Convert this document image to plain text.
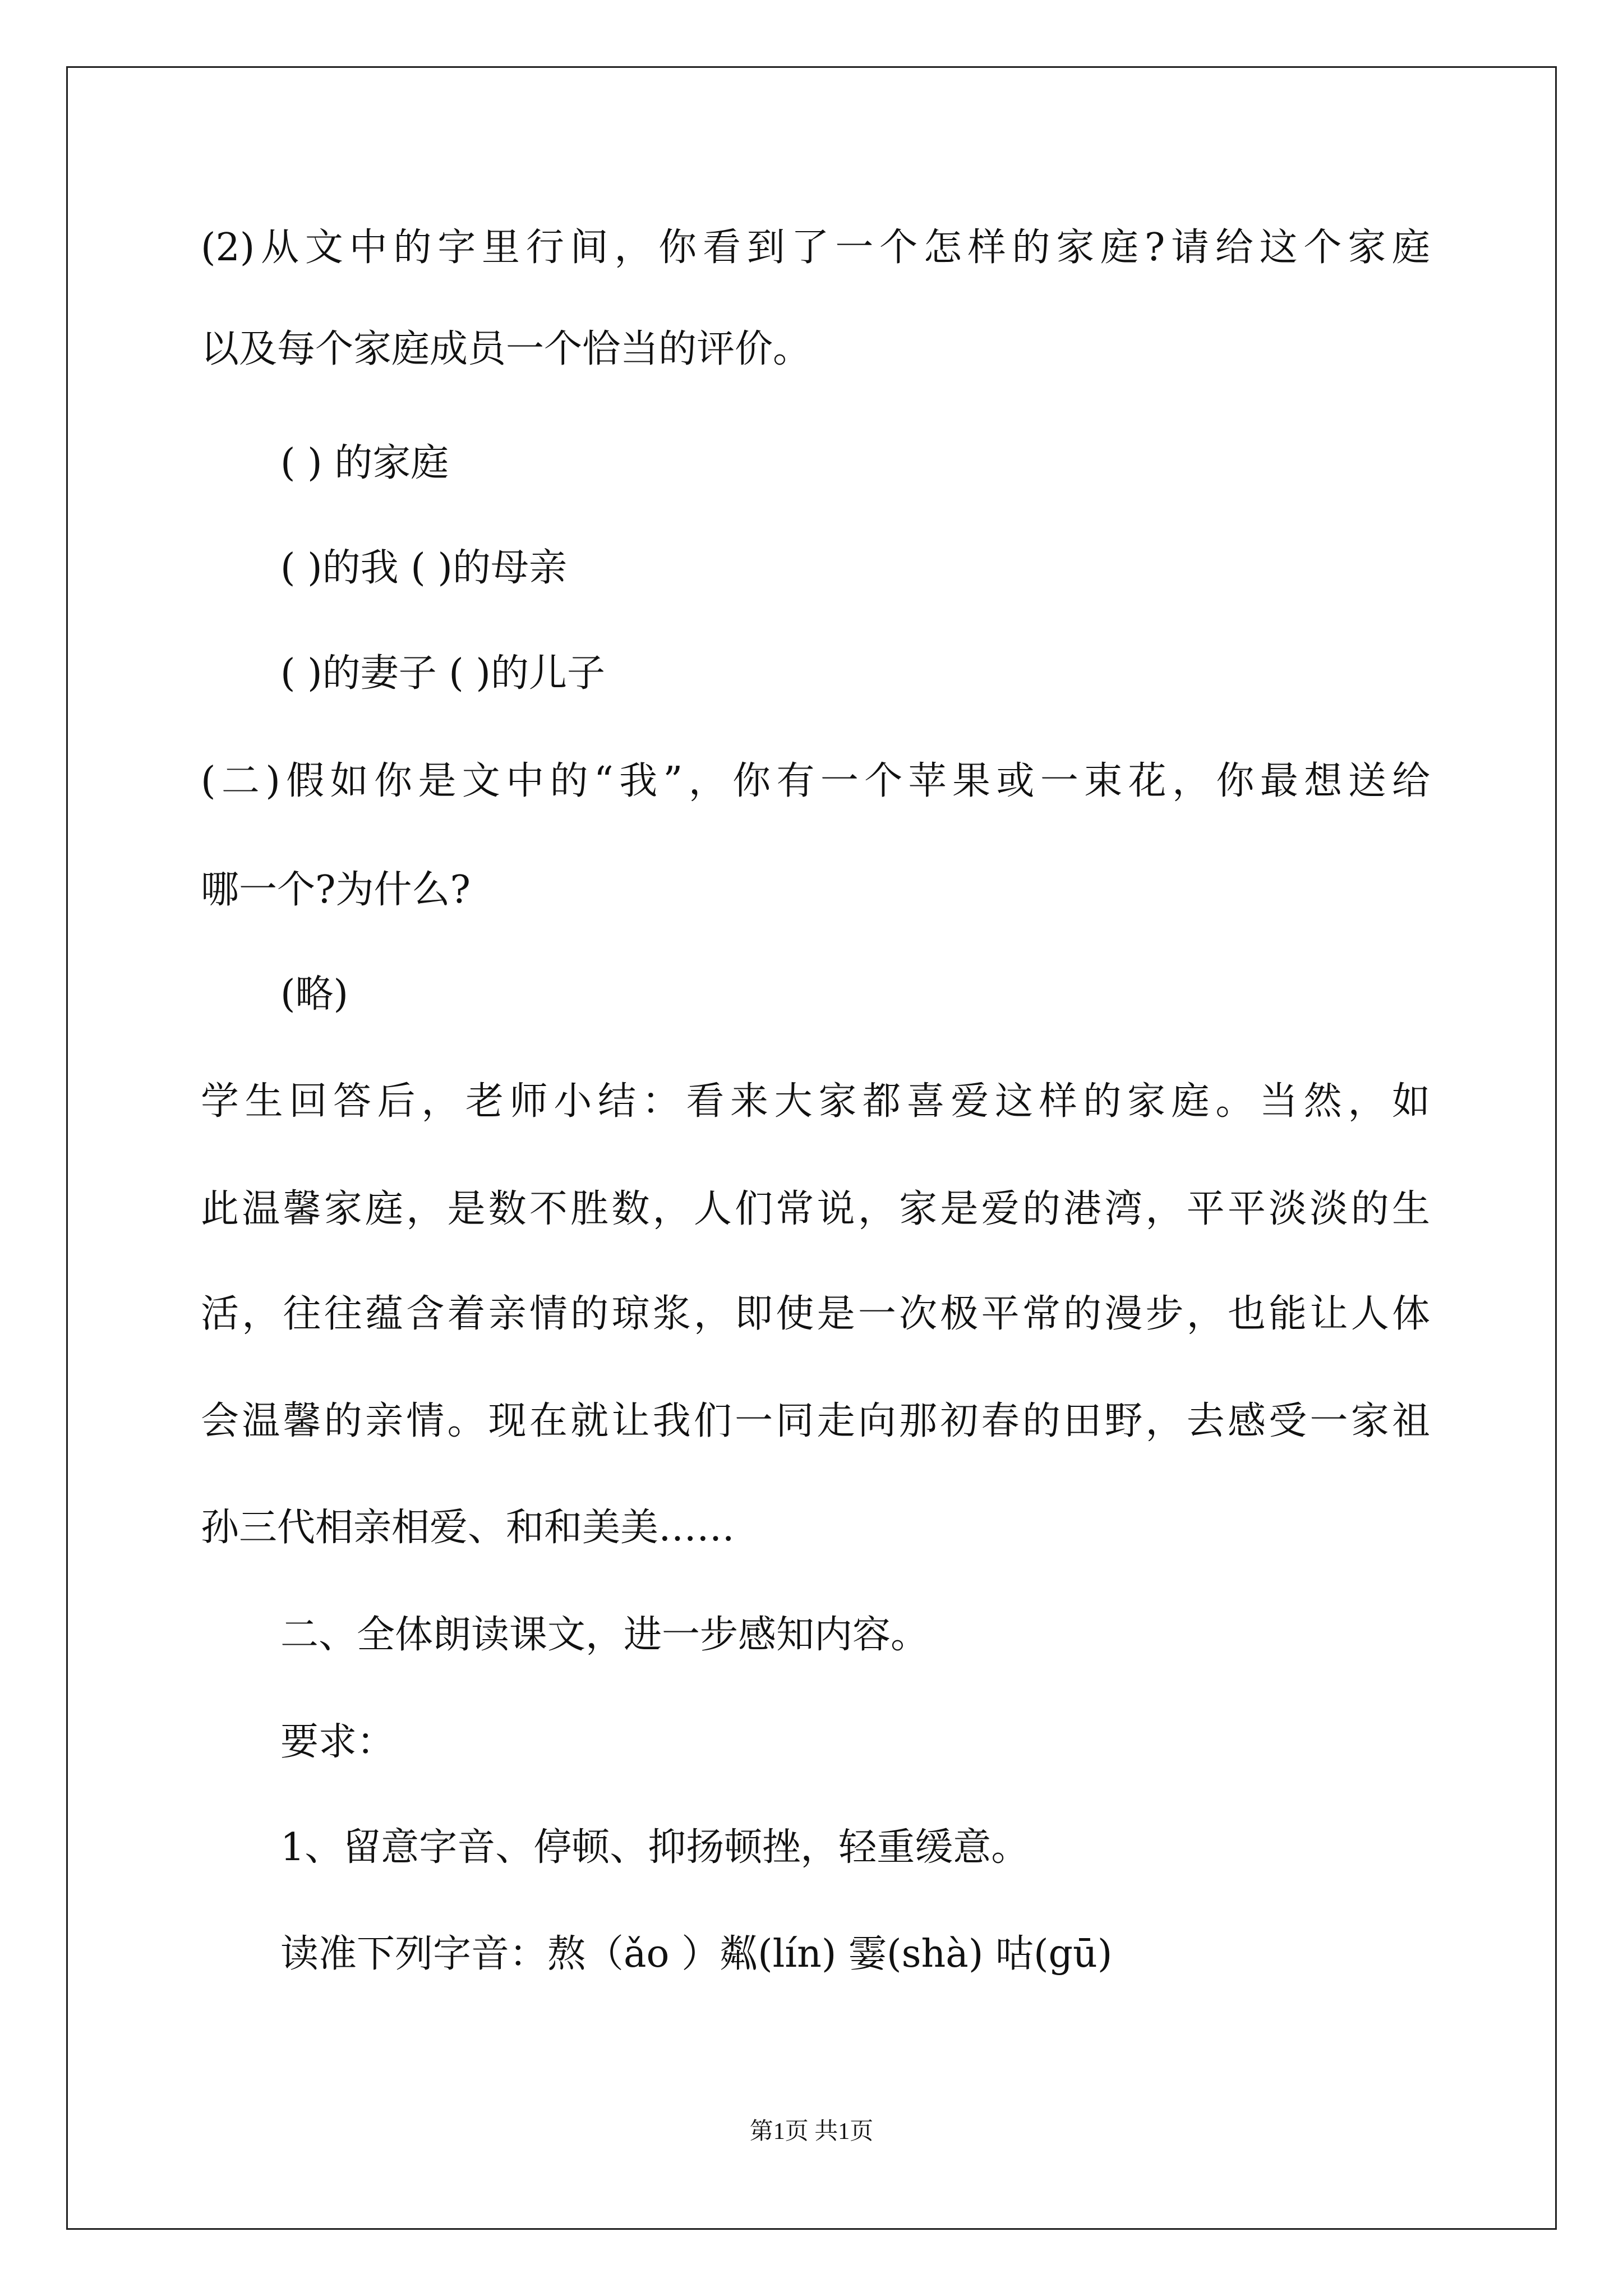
(2)从文中的字里行间，你看到了一个怎样的家庭?请给这个家庭
以及每个家庭成员一个恰当的评价。
( ) 的家庭
( )的我 ( )的母亲
( )的妻子 ( )的儿子
(二)假如你是文中的“我”，你有一个苹果或一束花，你最想送给
哪一个?为什么?
(略)
学生回答后，老师小结：看来大家都喜爱这样的家庭。当然，如
此温馨家庭，是数不胜数，人们常说，家是爱的港湾，平平淡淡的生
活，往往蕴含着亲情的琼浆，即使是一次极平常的漫步，也能让人体
会温馨的亲情。现在就让我们一同走向那初春的田野，去感受一家祖
孙三代相亲相爱、和和美美……
二、全体朗读课文，进一步感知内容。
要求：
1、留意字音、停顿、抑扬顿挫，轻重缓意。
读准下列字音：熬（ǎo ）粼(lín) 霎(shà) 咕(gū)
第1页 共1页
